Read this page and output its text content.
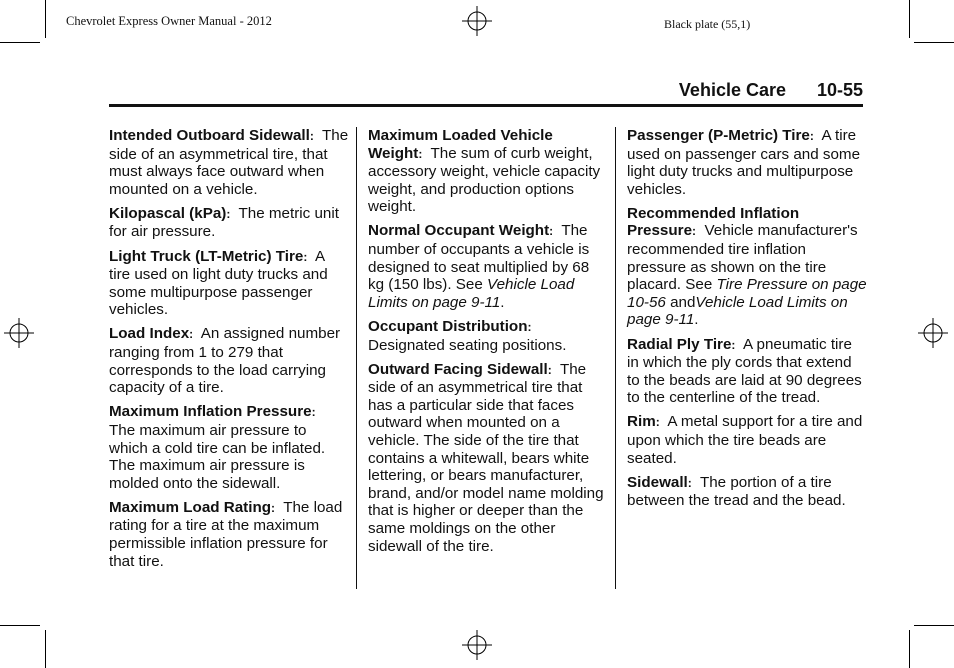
Chevrolet Express Owner Manual - 2012	Black plate (55,1)
Vehicle Care 10-55
Intended Outboard Sidewall: The side of an asymmetrical tire, that must always face outward when mounted on a vehicle.
Kilopascal (kPa): The metric unit for air pressure.
Light Truck (LT-Metric) Tire: A tire used on light duty trucks and some multipurpose passenger vehicles.
Load Index: An assigned number ranging from 1 to 279 that corresponds to the load carrying capacity of a tire.
Maximum Inflation Pressure:  The maximum air pressure to which a cold tire can be inflated. The maximum air pressure is molded onto the sidewall.
Maximum Load Rating: The load rating for a tire at the maximum permissible inflation pressure for that tire.
Maximum Loaded Vehicle Weight: The sum of curb weight, accessory weight, vehicle capacity weight, and production options weight.
Normal Occupant Weight: The number of occupants a vehicle is designed to seat multiplied by 68 kg (150 lbs). See Vehicle Load Limits on page 9-11.
Occupant Distribution:  Designated seating positions.
Outward Facing Sidewall: The side of an asymmetrical tire that has a particular side that faces outward when mounted on a vehicle. The side of the tire that contains a whitewall, bears white lettering, or bears manufacturer, brand, and/or model name molding that is higher or deeper than the same moldings on the other sidewall of the tire.
Passenger (P-Metric) Tire: A tire used on passenger cars and some light duty trucks and multipurpose vehicles.
Recommended Inflation Pressure: Vehicle manufacturer's recommended tire inflation pressure as shown on the tire placard. See Tire Pressure on page 10-56 andVehicle Load Limits on page 9-11.
Radial Ply Tire: A pneumatic tire in which the ply cords that extend to the beads are laid at 90 degrees to the centerline of the tread.
Rim: A metal support for a tire and upon which the tire beads are seated.
Sidewall: The portion of a tire between the tread and the bead.
